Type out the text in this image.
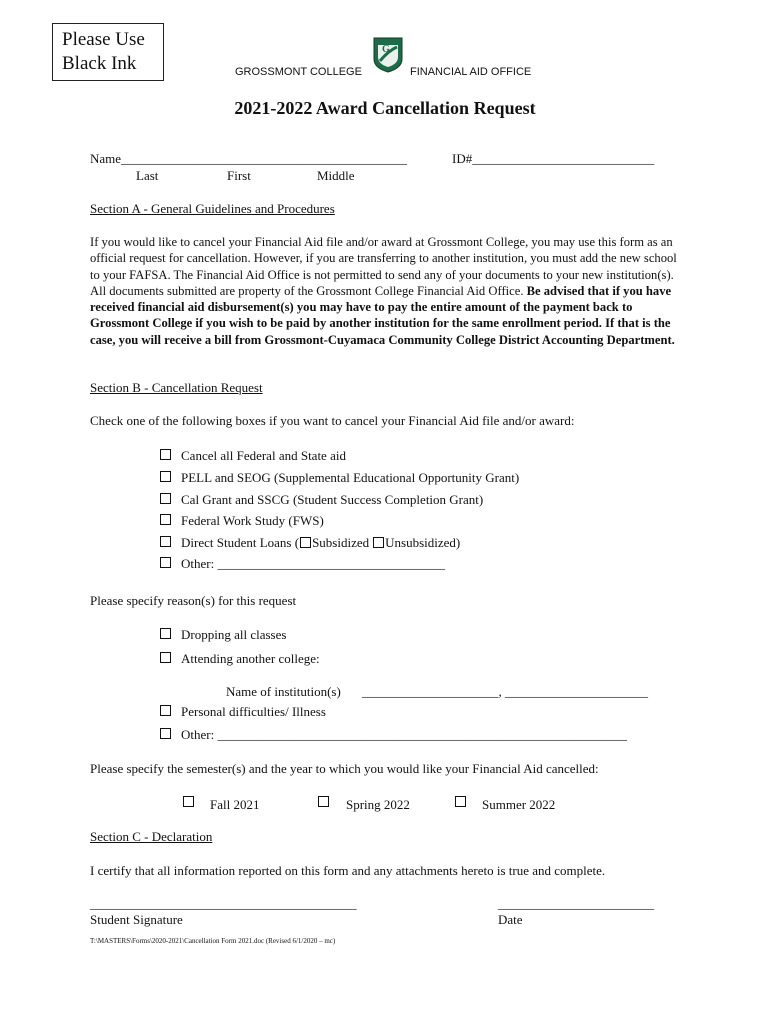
Please Use
Black Ink	GROSSMONT COLLEGE
G
FINANCIAL AID OFFICE
2021-2022 Award Cancellation Request
Name____________________________________________	ID#____________________________
Last	First	Middle
Section A - General Guidelines and Procedures
If you would like to cancel your Financial Aid file and/or award at Grossmont College, you may use this form as an official request for cancellation. However, if you are transferring to another institution, you must add the new school to your FAFSA. The Financial Aid Office is not permitted to send any of your documents to your new institution(s). All documents submitted are property of the Grossmont College Financial Aid Office. Be advised that if you have received financial aid disbursement(s) you may have to pay the entire amount of the payment back to Grossmont College if you wish to be paid by another institution for the same enrollment period. If that is the case, you will receive a bill from Grossmont-Cuyamaca Community College District Accounting Department.
Section B - Cancellation Request
Check one of the following boxes if you want to cancel your Financial Aid file and/or award:
Cancel all Federal and State aid
PELL and SEOG (Supplemental Educational Opportunity Grant)
Cal Grant and SSCG (Student Success Completion Grant)
Federal Work Study (FWS)
Direct Student Loans ( Subsidized Unsubsidized)
Other: ___________________________________
Please specify reason(s) for this request
Dropping all classes
Attending another college:
Name of institution(s) _____________________, ______________________
Personal difficulties/ Illness
Other: _______________________________________________________________
Please specify the semester(s) and the year to which you would like your Financial Aid cancelled:
Fall 2021	Spring 2022	Summer 2022
Section C - Declaration
I certify that all information reported on this form and any attachments hereto is true and complete.
_________________________________________	________________________
Student Signature	Date
T:\MASTERS\Forms\2020-2021\Cancellation Form 2021.doc (Revised 6/1/2020 – mc)
